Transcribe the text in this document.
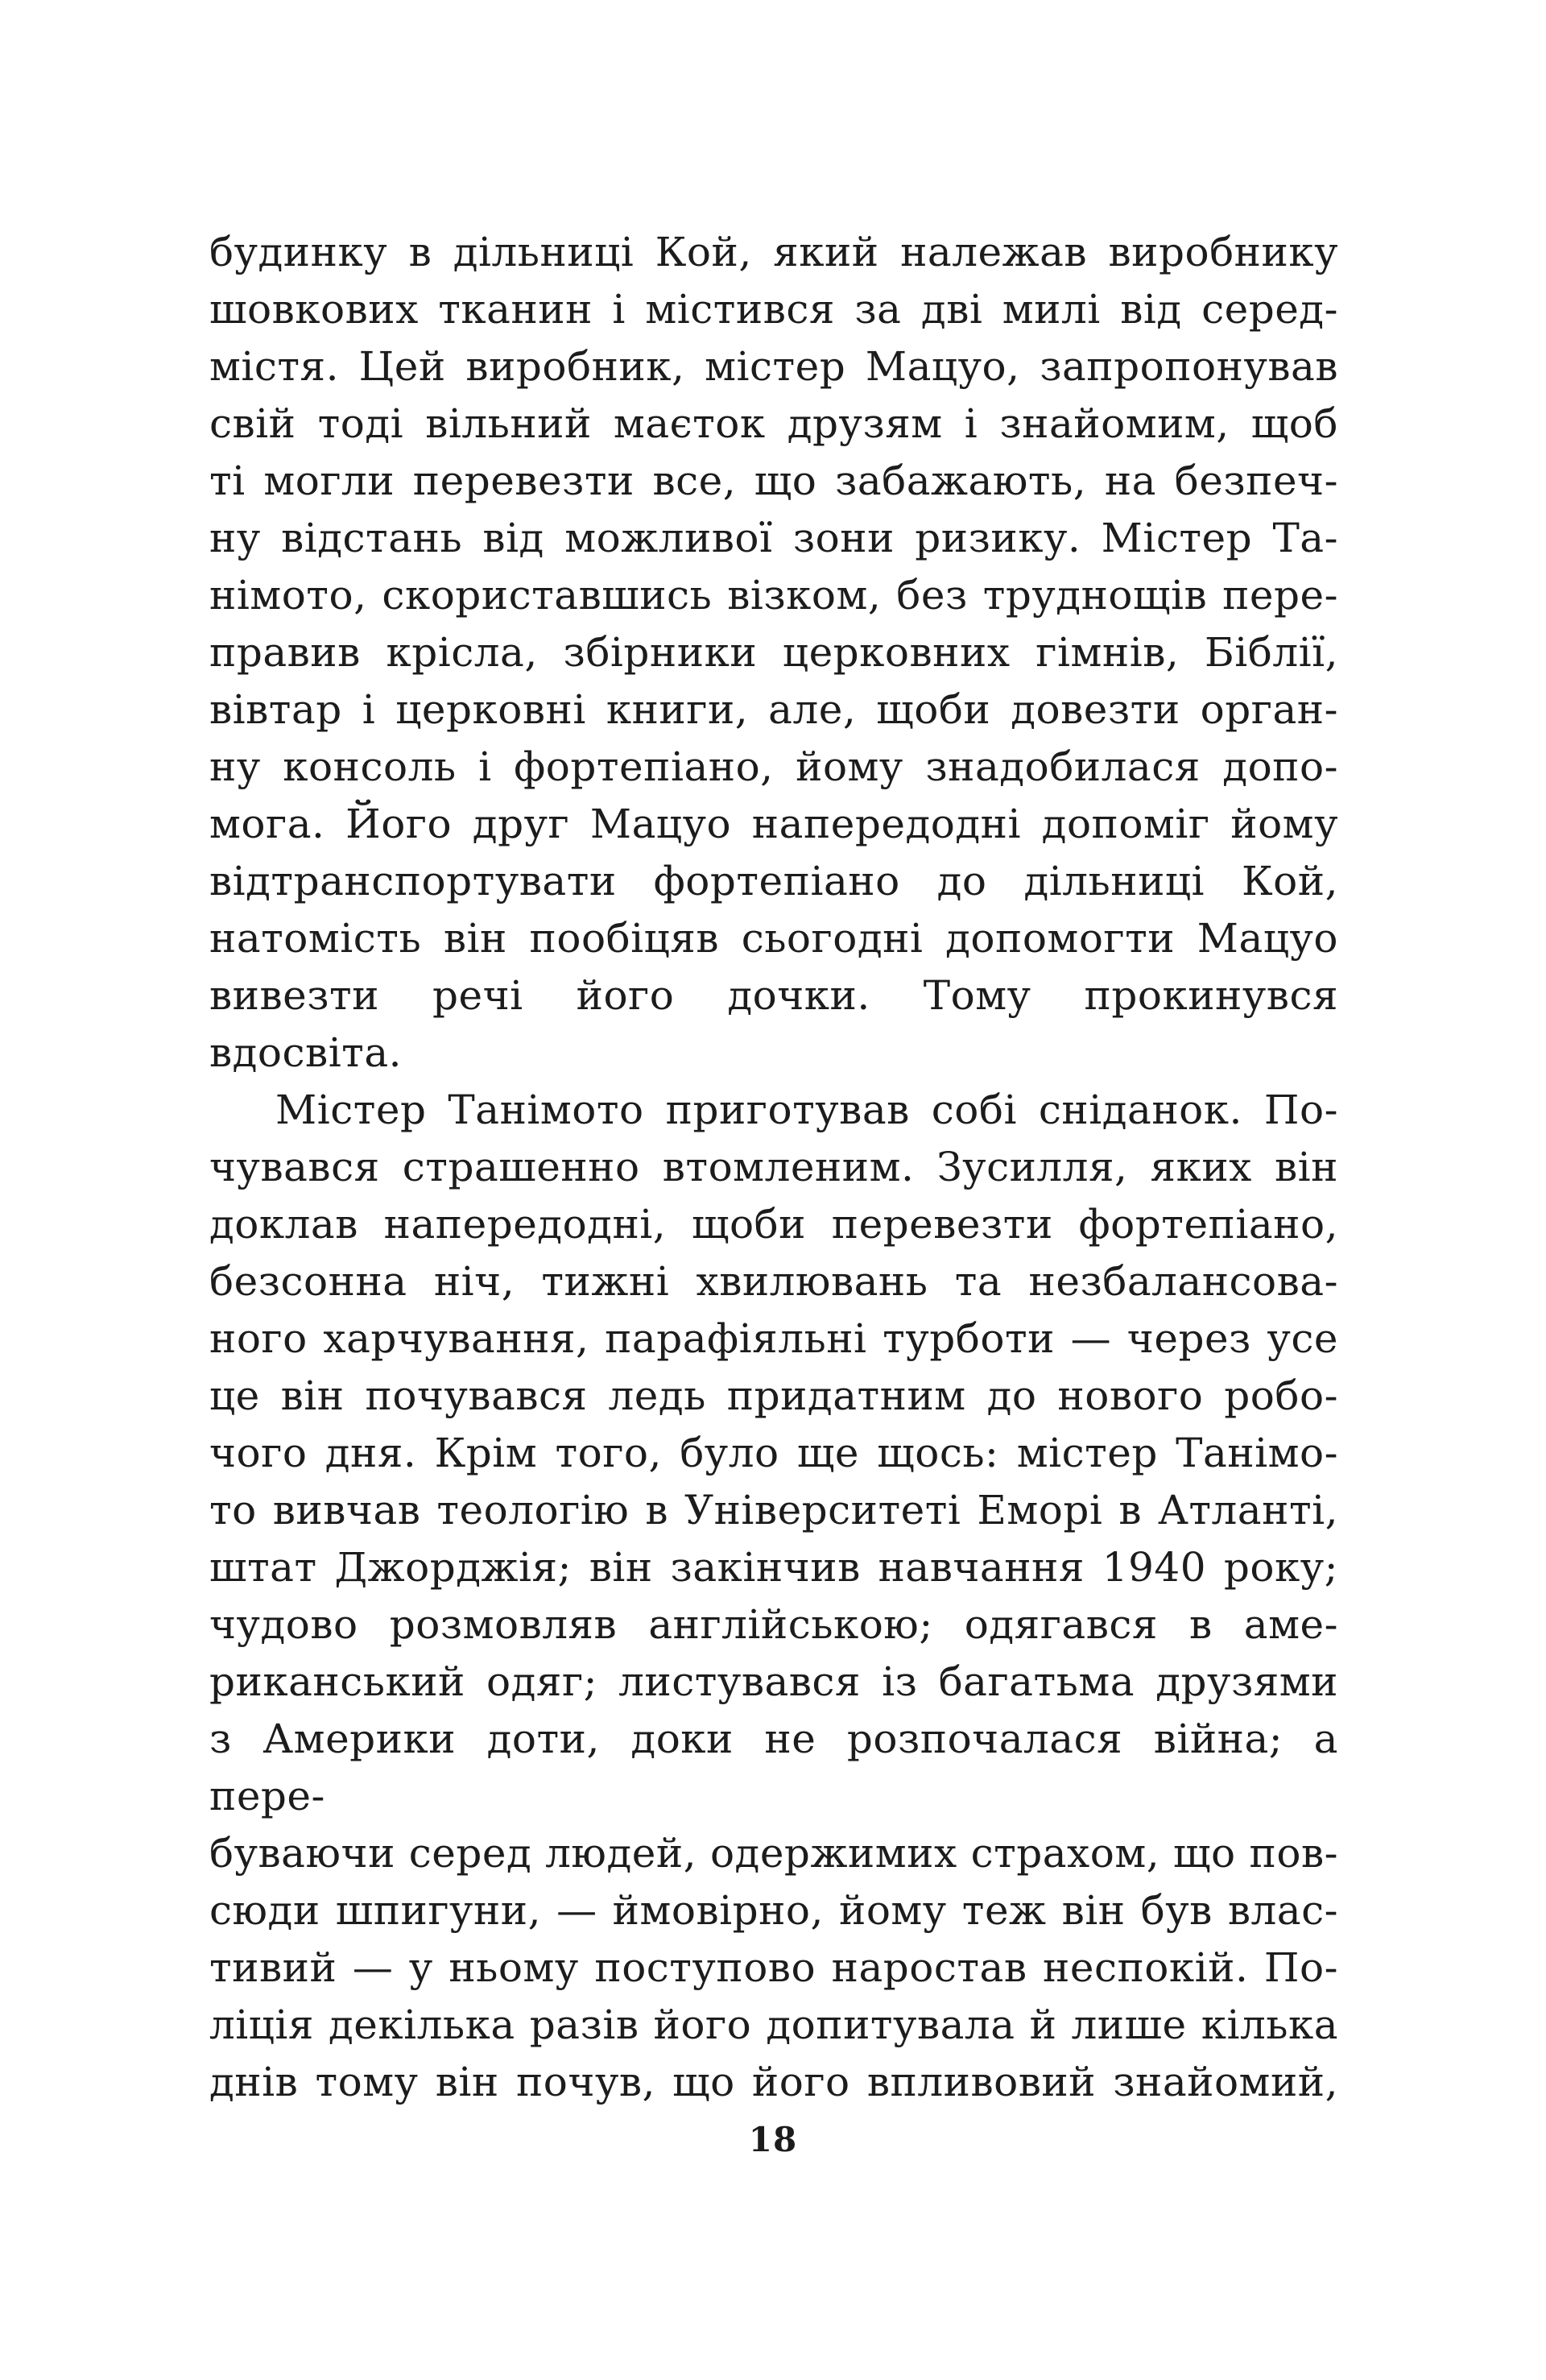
будинку в дільниці Кой, який належав виробнику
шовкових тканин і містився за дві милі від серед-
містя. Цей виробник, містер Мацуо, запропонував
свій тоді вільний маєток друзям і знайомим, щоб
ті могли перевезти все, що забажають, на безпеч-
ну відстань від можливої зони ризику. Містер Та-
німото, скориставшись візком, без труднощів пере-
правив крісла, збірники церковних гімнів, Біблії,
вівтар і церковні книги, але, щоби довезти орган-
ну консоль і фортепіано, йому знадобилася допо-
мога. Його друг Мацуо напередодні допоміг йому
відтранспортувати фортепіано до дільниці Кой,
натомість він пообіцяв сьогодні допомогти Мацуо
вивезти речі його дочки. Тому прокинувся вдосвіта.
Містер Танімото приготував собі сніданок. По-
чувався страшенно втомленим. Зусилля, яких він
доклав напередодні, щоби перевезти фортепіано,
безсонна ніч, тижні хвилювань та незбалансова-
ного харчування, парафіяльні турботи — через усе
це він почувався ледь придатним до нового робо-
чого дня. Крім того, було ще щось: містер Танімо-
то вивчав теологію в Університеті Еморі в Атланті,
штат Джорджія; він закінчив навчання 1940 року;
чудово розмовляв англійською; одягався в аме-
риканський одяг; листувався із багатьма друзями
з Америки доти, доки не розпочалася війна; а пере-
буваючи серед людей, одержимих страхом, що пов-
сюди шпигуни, — ймовірно, йому теж він був влас-
тивий — у ньому поступово наростав неспокій. По-
ліція декілька разів його допитувала й лише кілька
днів тому він почув, що його впливовий знайомий,
18
